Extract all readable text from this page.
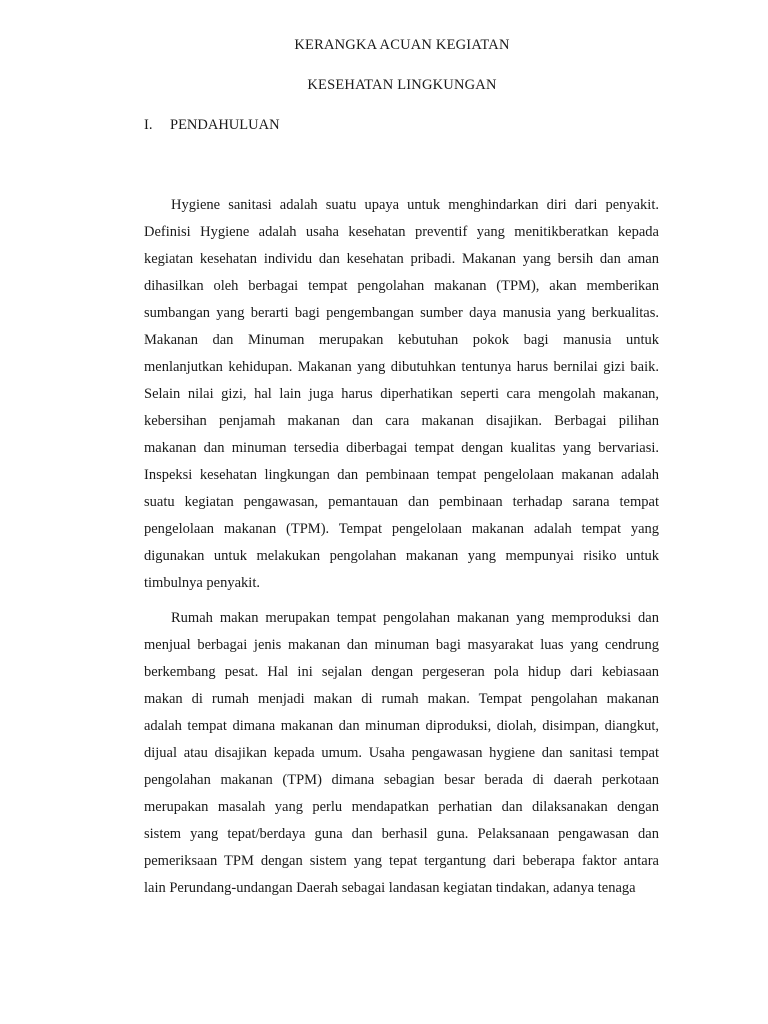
KERANGKA ACUAN KEGIATAN
KESEHATAN LINGKUNGAN
I. PENDAHULUAN
Hygiene sanitasi adalah suatu upaya untuk menghindarkan diri dari penyakit.
Definisi Hygiene adalah usaha kesehatan preventif yang menitikberatkan kepada
kegiatan kesehatan individu dan kesehatan pribadi. Makanan yang bersih dan aman
dihasilkan oleh berbagai tempat pengolahan makanan (TPM), akan memberikan
sumbangan yang berarti bagi pengembangan sumber daya manusia yang berkualitas.
Makanan dan Minuman merupakan kebutuhan pokok bagi manusia untuk
menlanjutkan kehidupan. Makanan yang dibutuhkan tentunya harus bernilai gizi baik.
Selain nilai gizi, hal lain juga harus diperhatikan seperti cara mengolah makanan,
kebersihan penjamah makanan dan cara makanan disajikan. Berbagai pilihan
makanan dan minuman tersedia diberbagai tempat dengan kualitas yang bervariasi.
Inspeksi kesehatan lingkungan dan pembinaan tempat pengelolaan makanan adalah
suatu kegiatan pengawasan, pemantauan dan pembinaan terhadap sarana tempat
pengelolaan makanan (TPM). Tempat pengelolaan makanan adalah tempat yang
digunakan untuk melakukan pengolahan makanan yang mempunyai risiko untuk
timbulnya penyakit.
Rumah makan merupakan tempat pengolahan makanan yang memproduksi dan
menjual berbagai jenis makanan dan minuman bagi masyarakat luas yang cendrung
berkembang pesat. Hal ini sejalan dengan pergeseran pola hidup dari kebiasaan
makan di rumah menjadi makan di rumah makan. Tempat pengolahan makanan
adalah tempat dimana makanan dan minuman diproduksi, diolah, disimpan, diangkut,
dijual atau disajikan kepada umum. Usaha pengawasan hygiene dan sanitasi tempat
pengolahan makanan (TPM) dimana sebagian besar berada di daerah perkotaan
merupakan masalah yang perlu mendapatkan perhatian dan dilaksanakan dengan
sistem yang tepat/berdaya guna dan berhasil guna. Pelaksanaan pengawasan dan
pemeriksaan TPM dengan sistem yang tepat tergantung dari beberapa faktor antara
lain Perundang-undangan Daerah sebagai landasan kegiatan tindakan, adanya tenaga
